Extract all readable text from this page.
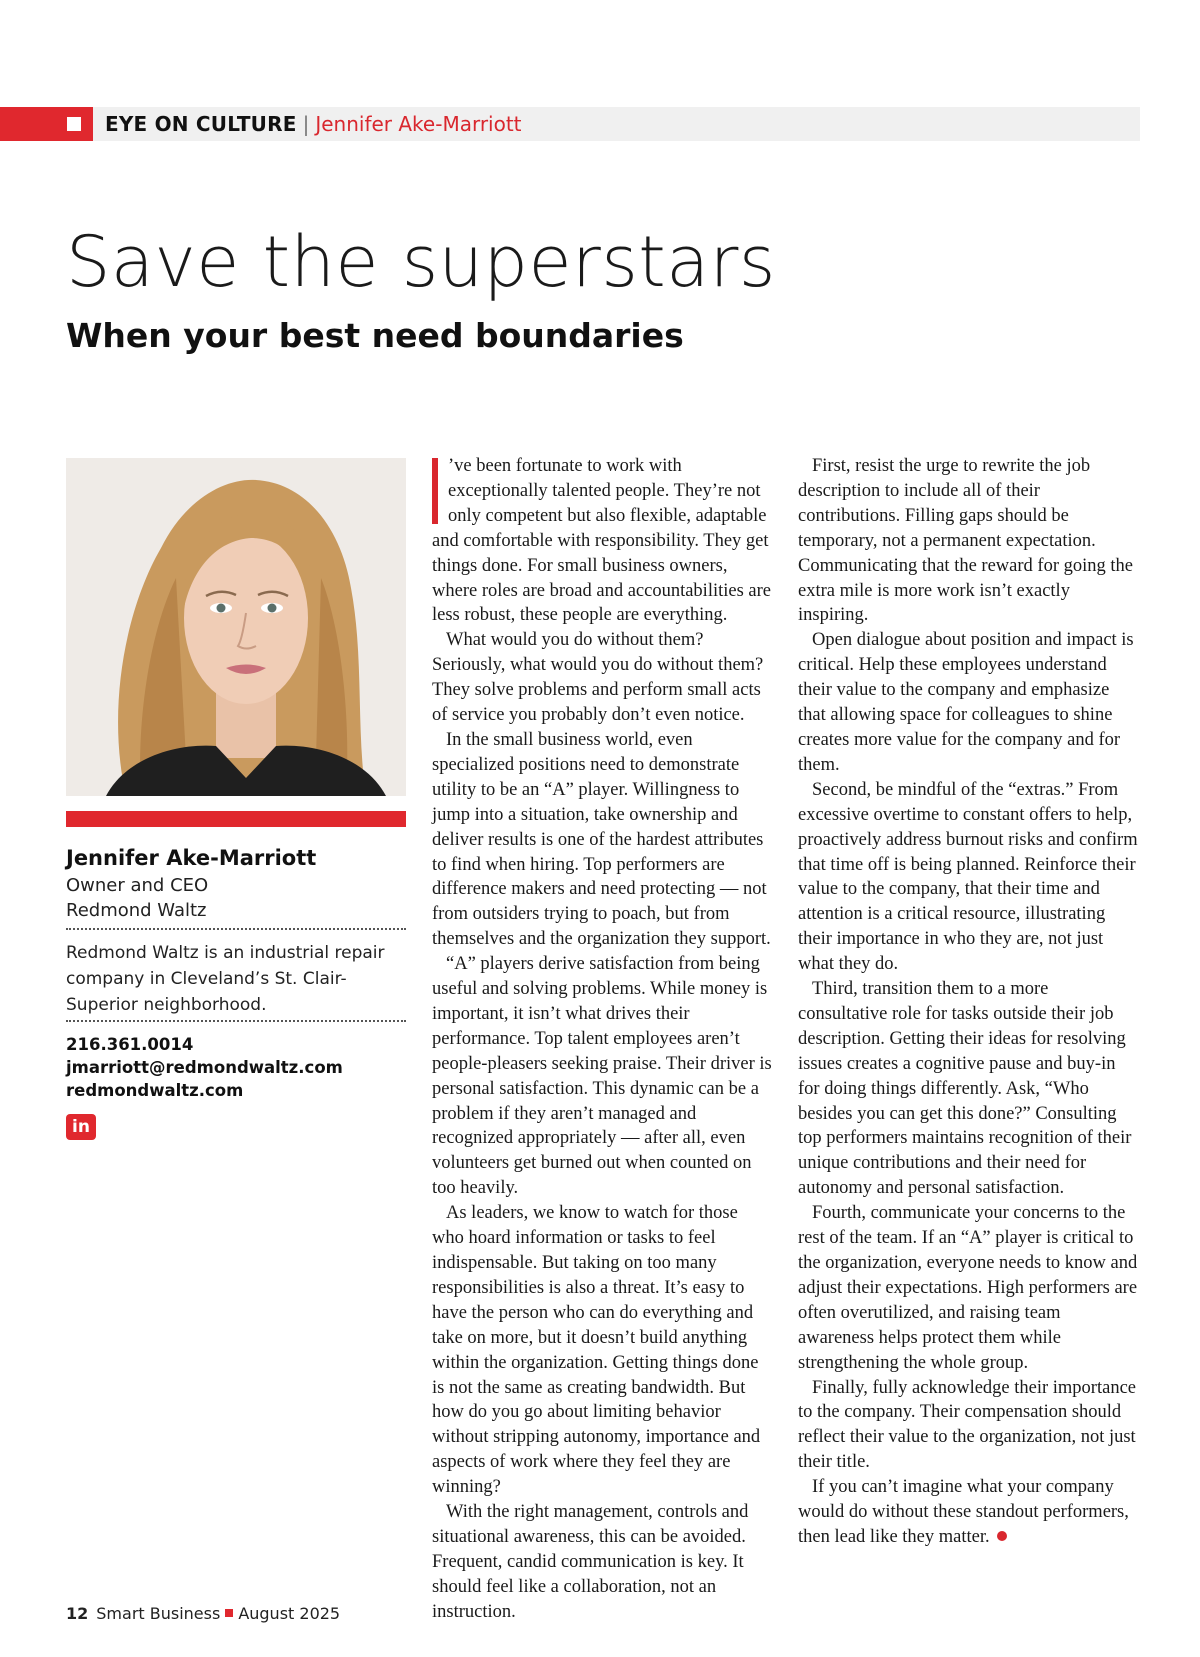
EYE ON CULTURE | Jennifer Ake-Marriott
Save the superstars
When your best need boundaries
Jennifer Ake-Marriott
Owner and CEO
Redmond Waltz
Redmond Waltz is an industrial repair company in Cleveland’s St. Clair-Superior neighborhood.
216.361.0014
jmarriott@redmondwaltz.com
redmondwaltz.com
in

’ve been fortunate to work with exceptionally talented people. They’re not only competent but also flexible, adaptable and comfortable with responsibility. They get things done. For small business owners, where roles are broad and accountabilities are less robust, these people are everything.

What would you do without them? Seriously, what would you do without them? They solve problems and perform small acts of service you probably don’t even notice.

In the small business world, even specialized positions need to demonstrate utility to be an “A” player. Willingness to jump into a situation, take ownership and deliver results is one of the hardest attributes to find when hiring. Top performers are difference makers and need protecting — not from outsiders trying to poach, but from themselves and the organization they support.

“A” players derive satisfaction from being useful and solving problems. While money is important, it isn’t what drives their performance. Top talent employees aren’t people-pleasers seeking praise. Their driver is personal satisfaction. This dynamic can be a problem if they aren’t managed and recognized appropriately — after all, even volunteers get burned out when counted on too heavily.

As leaders, we know to watch for those who hoard information or tasks to feel indispensable. But taking on too many responsibilities is also a threat. It’s easy to have the person who can do everything and take on more, but it doesn’t build anything within the organization. Getting things done is not the same as creating bandwidth. But how do you go about limiting behavior without stripping autonomy, importance and aspects of work where they feel they are winning?

With the right management, controls and situational awareness, this can be avoided. Frequent, candid communication is key. It should feel like a collaboration, not an instruction.

First, resist the urge to rewrite the job description to include all of their contributions. Filling gaps should be temporary, not a permanent expectation. Communicating that the reward for going the extra mile is more work isn’t exactly inspiring.

Open dialogue about position and impact is critical. Help these employees understand their value to the company and emphasize that allowing space for colleagues to shine creates more value for the company and for them.

Second, be mindful of the “extras.” From excessive overtime to constant offers to help, proactively address burnout risks and confirm that time off is being planned. Reinforce their value to the company, that their time and attention is a critical resource, illustrating their importance in who they are, not just what they do.

Third, transition them to a more consultative role for tasks outside their job description. Getting their ideas for resolving issues creates a cognitive pause and buy-in for doing things differently. Ask, “Who besides you can get this done?” Consulting top performers maintains recognition of their unique contributions and their need for autonomy and personal satisfaction.

Fourth, communicate your concerns to the rest of the team. If an “A” player is critical to the organization, everyone needs to know and adjust their expectations. High performers are often overutilized, and raising team awareness helps protect them while strengthening the whole group.

Finally, fully acknowledge their importance to the company. Their compensation should reflect their value to the organization, not just their title.

If you can’t imagine what your company would do without these standout performers, then lead like they matter.

12 Smart Business August 2025
